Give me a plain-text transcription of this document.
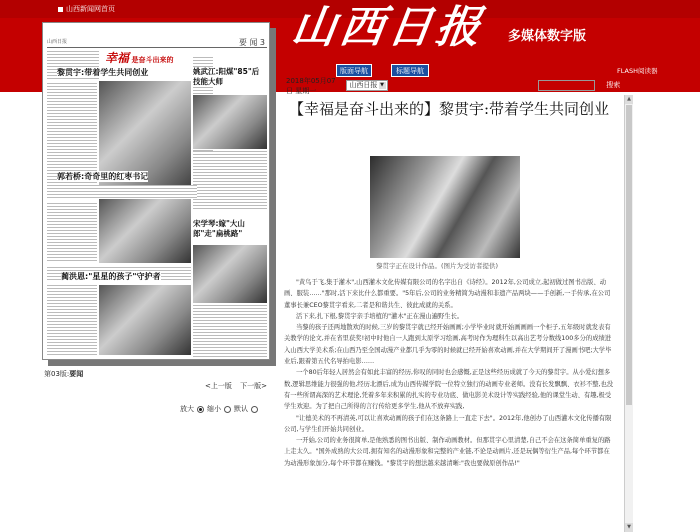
山西新闻网首页	山西日报 多媒体数字版
版面导航	标题导航	FLASH阅读器
2018年05月07日 星期一
山西日报 ▼	搜索
山西日报	要 闻 3
幸福 是奋斗出来的
黎贯宇:带着学生共同创业	姚武江:阳煤"85"后技能大师
郭若桥:奇奇里的红枣书记
宋学琴:嫁"大山郎"走"扁桃路"
蔺洪恩:"星星的孩子"守护者
第03版:要闻
<上一版 下一版>
放大 缩小 默认
【幸福是奋斗出来的】黎贯宇:带着学生共同创业
黎贯宇正在设计作品。(图片为受访者提供)

"黄鸟于飞,集于灌木",山西灌木文化传媒有限公司的名字出自《诗经》。2012年,公司成立,起初做过图书出版、动画、服装……"那时,活下来比什么都重要。"5年后,公司的业务精简为动漫和非遗产品两块——手创新,一手传承,在公司董事长兼CEO黎贯宇看来,二者是和谐共生、彼此成就的关系。

活下来,扎下根,黎贯宇亲手培植的"灌木"正在漫山遍野生长。

当黎的孩子还两地散欢的时候,三岁的黎贯宇就已经开始画画;小学毕业时就开始画画画一个柜子,五年级时就发表有关教学的论文,并在省里获奖!初中时他自一人跑到太原学习绘画,高考时作为理科生以高出艺考分数线100多分的成绩进入山西大学美术系;在山西乃至全国动漫产业都几乎为零的时候就已经开始喜欢动画,并在大学期间开了漫画书吧;大学毕业后,跟着第五代名导拍电影……

一个80后年轻人居然会有如此丰富的经历,你叹的同时也会感慨,正是这些经历成就了今天的黎贯宇。从小爱幻想多数,逻辑思维能力很强的他,经历北漂后,成为山西传媒学院一位特立独行的动画专业老师。没有长发飘飘、衣衫不整,也没有一些所谓高深的艺术理论,凭着多年来积累的扎实的专业功底、做电影美术设计等实践经验,他的课堂生动、有趣,极受学生欢迎。为了把自己所得的言行传给更多学生,他从不放弃实践,

"让德美术的不再清英,可以让喜欢动画的孩子们在这条路上一直走下去"。2012年,他创办了山西灌木文化传播有限公司,与学生们开始共同创业。

一开始,公司的业务很简单,是他熟悉的图书出版、制作动画教材。但那贯宇心里清楚,自己不会在这条简单重复的路上走太久。"国外成熟的大公司,拥有知名的动漫形象和完整的产业链,不论是动画片,还是玩偶等衍生产品,每个环节都在为动漫形象加分,每个环节都在赚钱。"黎贯宇的想法越来越清晰:"我也要做原创作品!"

▲
▼
